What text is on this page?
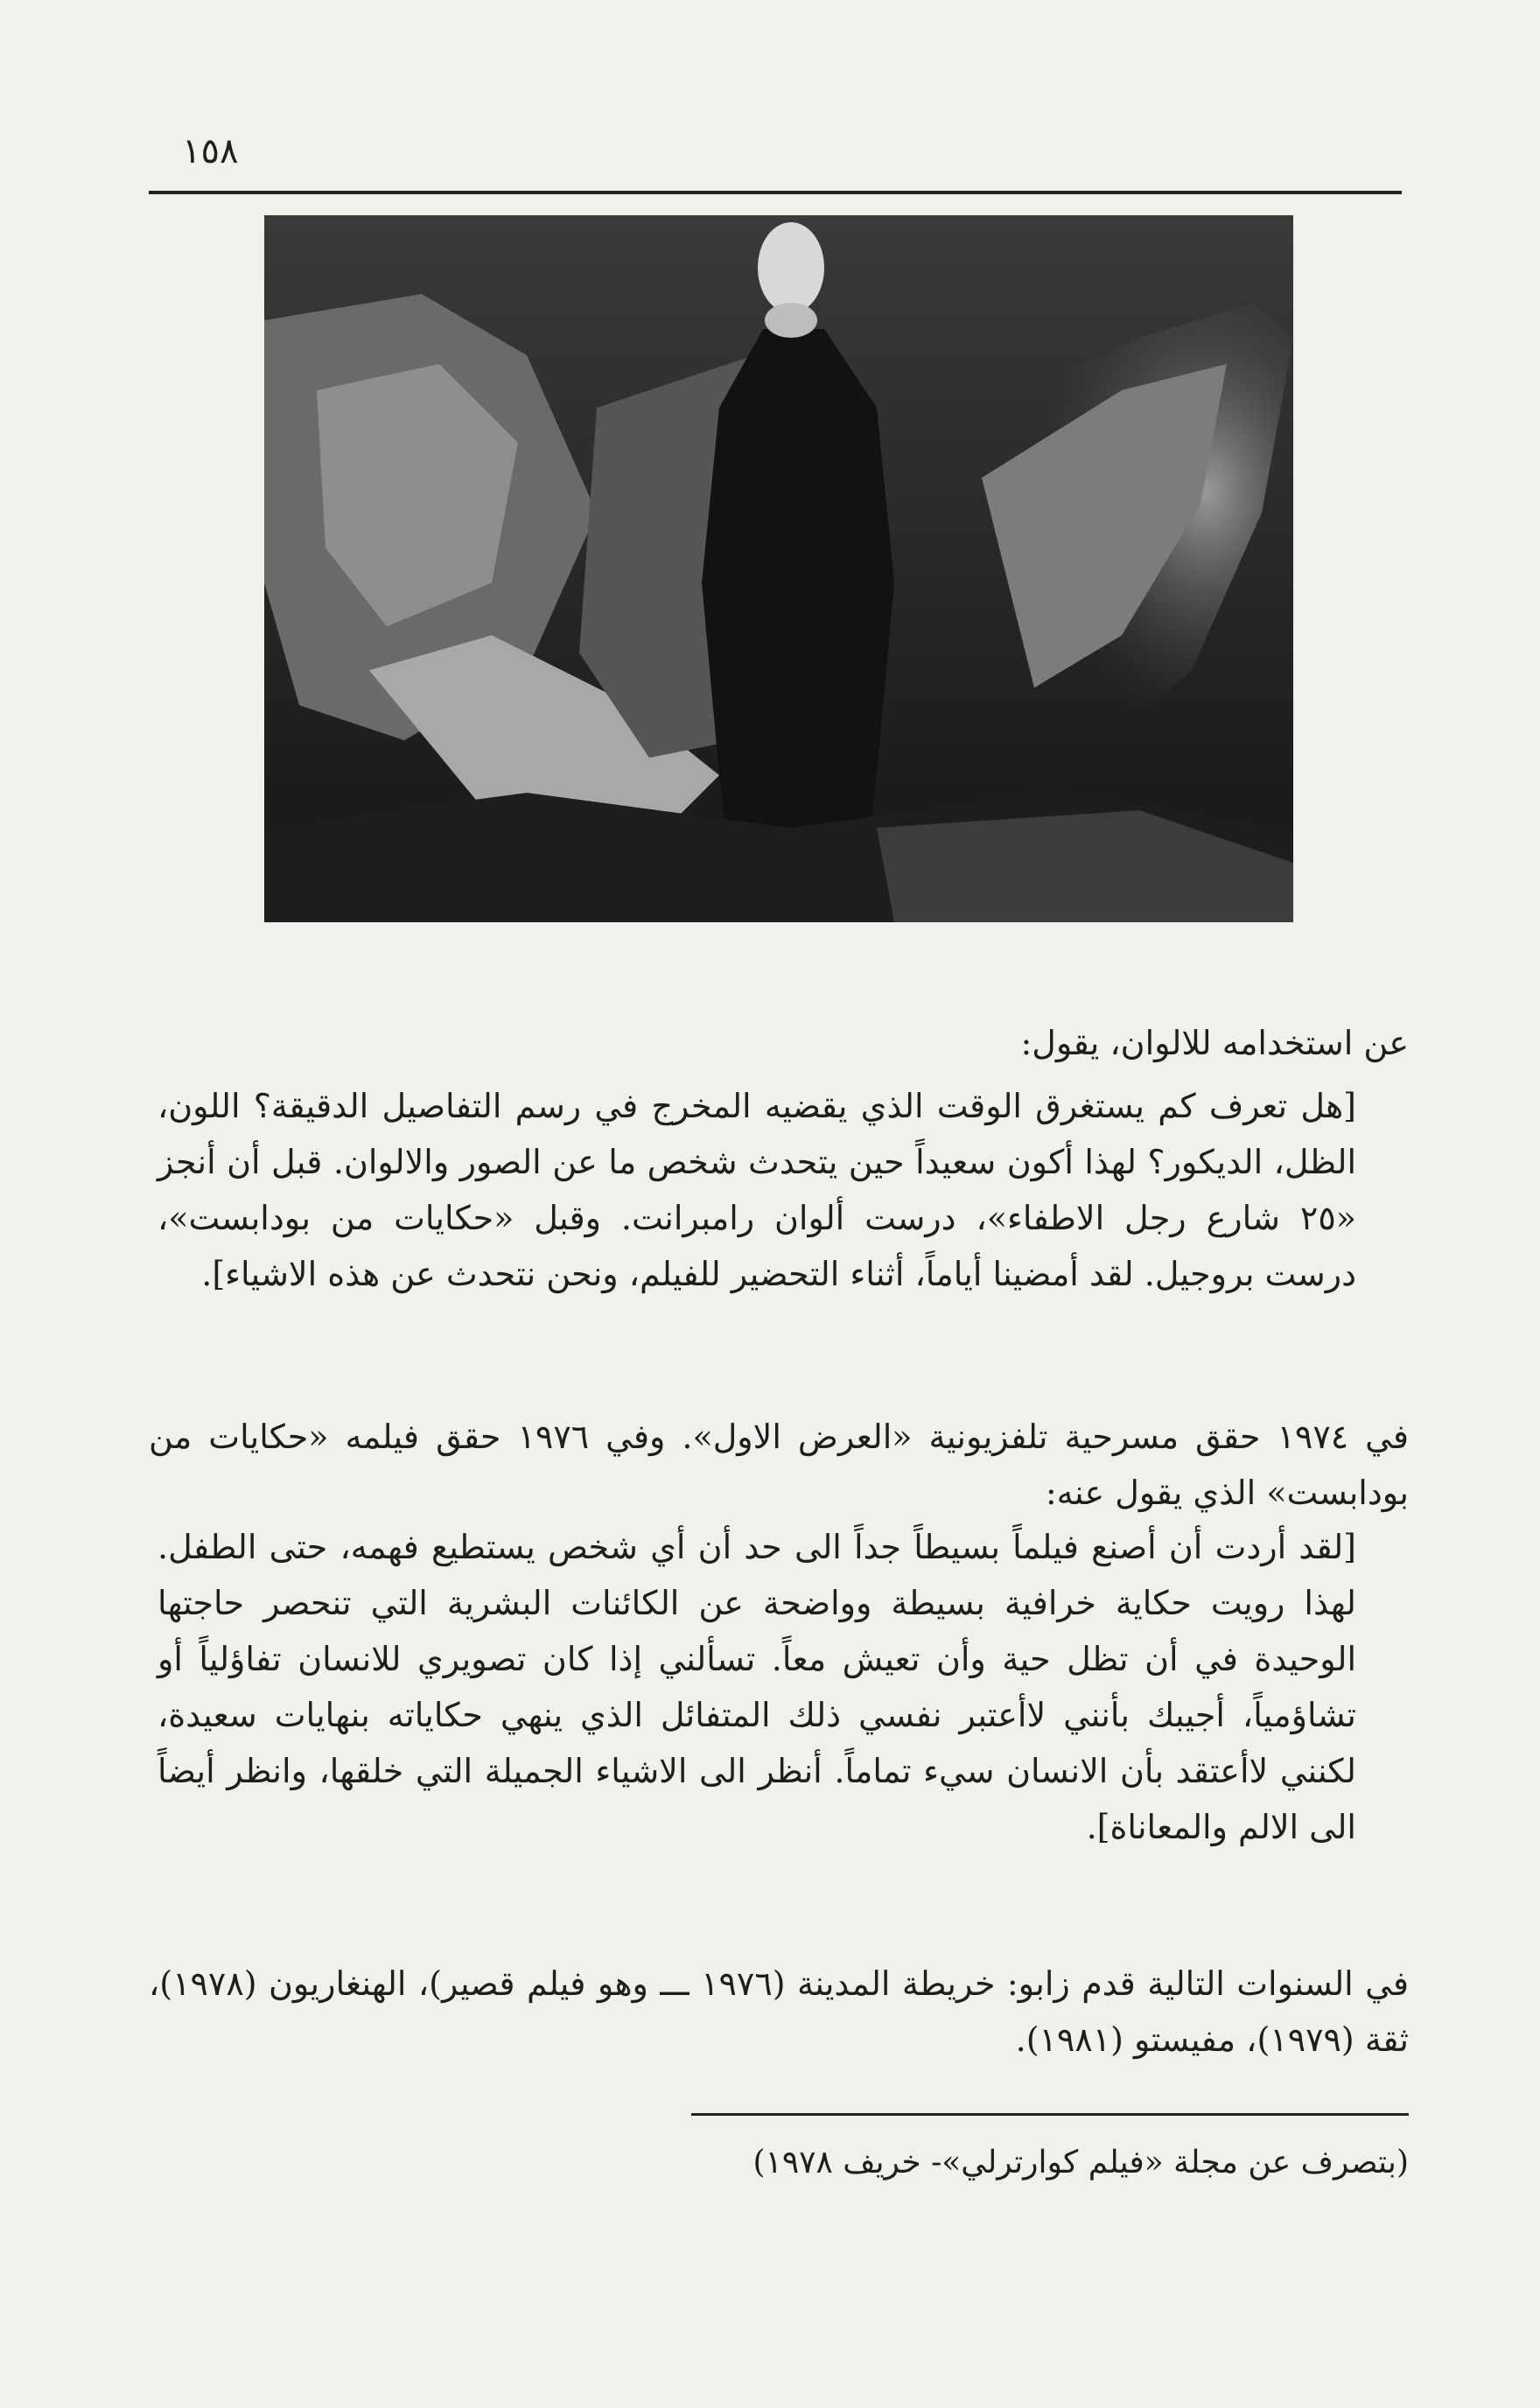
١٥٨
عن استخدامه للالوان، يقول:
[هل تعرف كم يستغرق الوقت الذي يقضيه المخرج في رسم التفاصيل الدقيقة؟ اللون، الظل، الديكور؟ لهذا أكون سعيداً حين يتحدث شخص ما عن الصور والالوان. قبل أن أنجز «٢٥ شارع رجل الاطفاء»، درست ألوان رامبرانت. وقبل «حكايات من بودابست»، درست بروجيل. لقد أمضينا أياماً، أثناء التحضير للفيلم، ونحن نتحدث عن هذه الاشياء].
في ١٩٧٤ حقق مسرحية تلفزيونية «العرض الاول». وفي ١٩٧٦ حقق فيلمه «حكايات من بودابست» الذي يقول عنه:
[لقد أردت أن أصنع فيلماً بسيطاً جداً الى حد أن أي شخص يستطيع فهمه، حتى الطفل. لهذا رويت حكاية خرافية بسيطة وواضحة عن الكائنات البشرية التي تنحصر حاجتها الوحيدة في أن تظل حية وأن تعيش معاً. تسألني إذا كان تصويري للانسان تفاؤلياً أو تشاؤمياً، أجيبك بأنني لاأعتبر نفسي ذلك المتفائل الذي ينهي حكاياته بنهايات سعيدة، لكنني لاأعتقد بأن الانسان سيء تماماً. أنظر الى الاشياء الجميلة التي خلقها، وانظر أيضاً الى الالم والمعاناة].
في السنوات التالية قدم زابو: خريطة المدينة (١٩٧٦ ـــ وهو فيلم قصير)، الهنغاريون (١٩٧٨)، ثقة (١٩٧٩)، مفيستو (١٩٨١).
(بتصرف عن مجلة «فيلم كوارترلي»- خريف ١٩٧٨)
